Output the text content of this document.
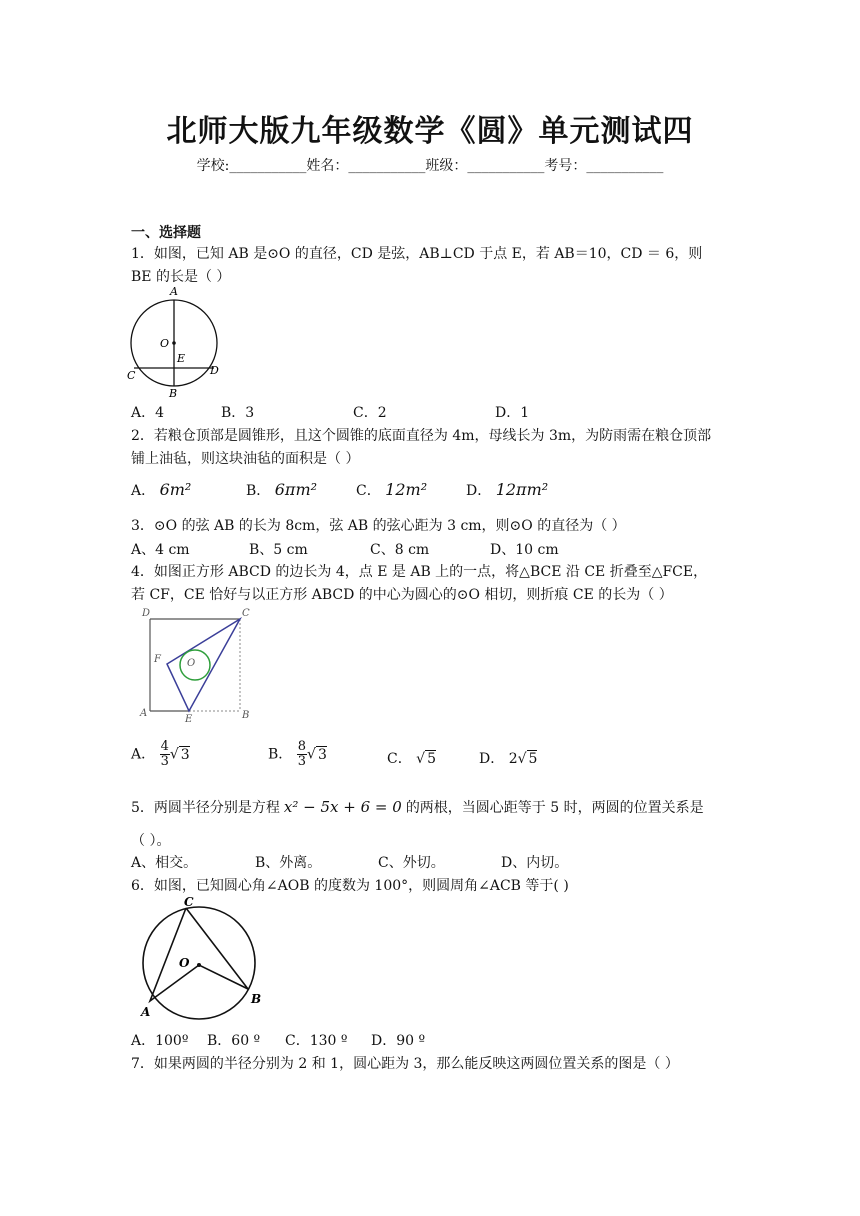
北师大版九年级数学《圆》单元测试四
学校:___________姓名：___________班级：___________考号：___________
一、选择题
1．如图，已知 AB 是⊙O 的直径，CD 是弦，AB⊥CD 于点 E，若 AB＝10，CD ＝ 6，则
BE 的长是（ ）
A
O
E
C	D
B
A．4	B．3	C．2	D．1
2．若粮仓顶部是圆锥形，且这个圆锥的底面直径为 4m，母线长为 3m，为防雨需在粮仓顶部
铺上油毡，则这块油毡的面积是（ ）
A． 6m²	B． 6πm²	C． 12m²	D． 12πm²
3．⊙O 的弦 AB 的长为 8cm，弦 AB 的弦心距为 3 cm，则⊙O 的直径为（ ）
A、4 cm	B、5 cm	C、8 cm	D、10 cm
4．如图正方形 ABCD 的边长为 4，点 E 是 AB 上的一点，将△BCE 沿 CE 折叠至△FCE，
若 CF，CE 恰好与以正方形 ABCD 的中心为圆心的⊙O 相切，则折痕 CE 的长为（ ）
D	C
F	O
A
E	B
A． $\frac{4}{3}$ √ 3	B． $\frac{8}{3}$ √ 3	C． √ 5	D． 2√ 5
5．两圆半径分别是方程 x² − 5x + 6 = 0 的两根，当圆心距等于 5 时，两圆的位置关系是
（ ）。
A、相交。	B、外离。	C、外切。	D、内切。
6．如图，已知圆心角∠AOB 的度数为 100°，则圆周角∠ACB 等于( )
C
O
A
B
A．100º B．60 º C．130 º D．90 º
7．如果两圆的半径分别为 2 和 1，圆心距为 3，那么能反映这两圆位置关系的图是（ ）
